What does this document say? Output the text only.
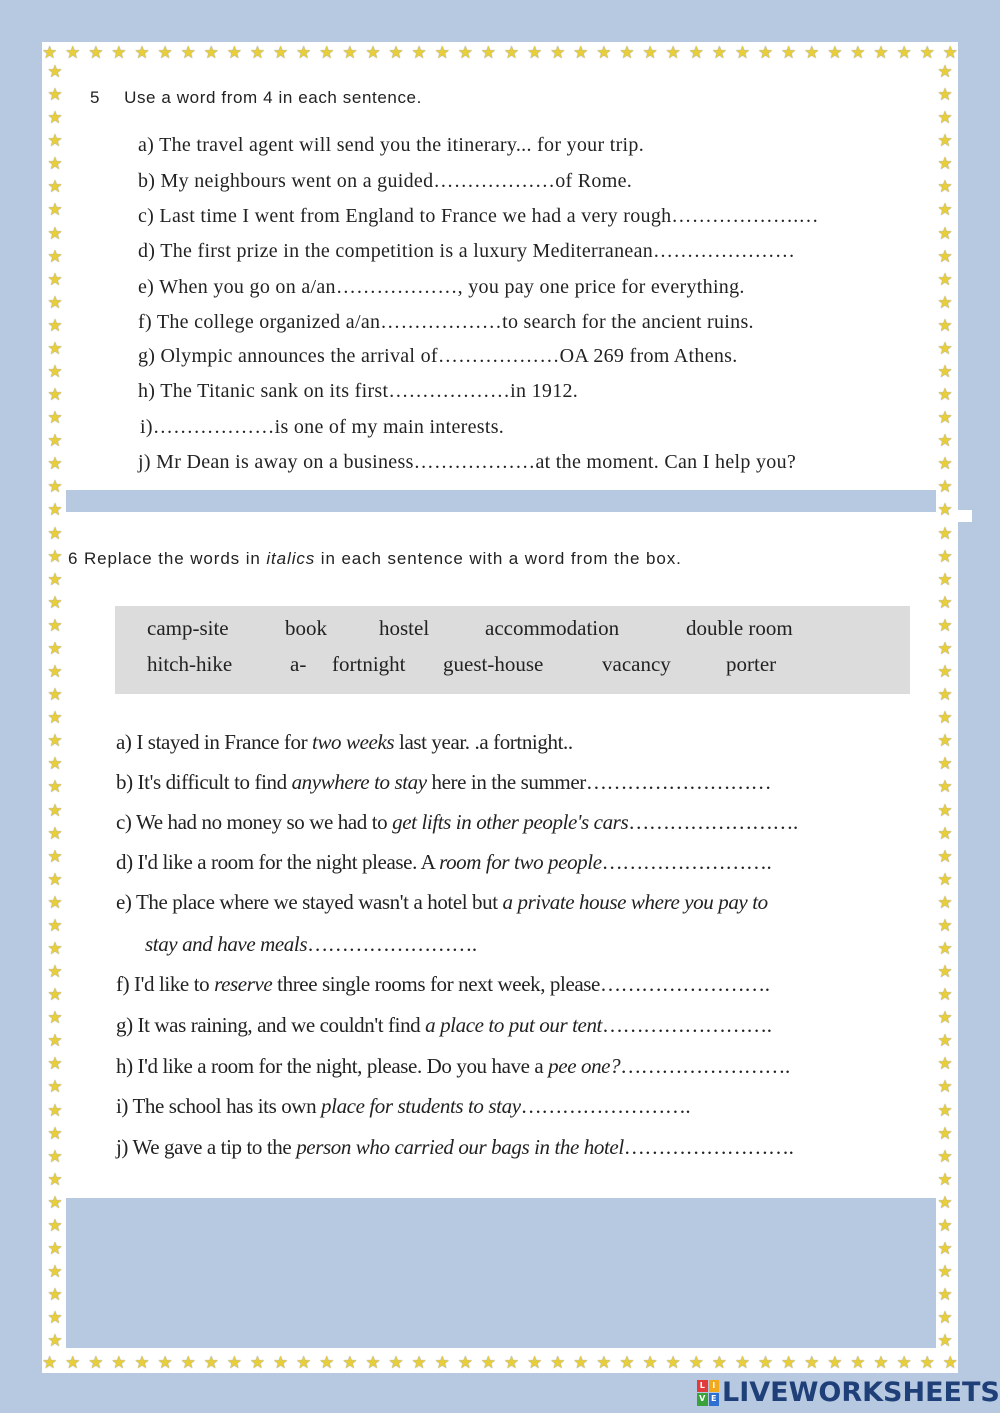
★ ★ ★ ★ ★ ★ ★ ★ ★ ★ ★ ★ ★ ★ ★ ★ ★ ★ ★ ★ ★ ★ ★ ★ ★ ★ ★ ★ ★ ★ ★ ★ ★ ★ ★ ★ ★ ★ ★ ★
★ ★ ★ ★ ★ ★ ★ ★ ★ ★ ★ ★ ★ ★ ★ ★ ★ ★ ★ ★ ★ ★ ★ ★ ★ ★ ★ ★ ★ ★ ★ ★ ★ ★ ★ ★ ★ ★ ★ ★
★
★
★
★
★
★
★
★
★
★
★
★
★
★
★
★
★
★
★
★
★
★
★
★
★
★
★
★
★
★
★
★
★
★
★
★
★
★
★
★
★
★
★
★
★
★
★
★
★
★
★
★
★
★
★
★
★
★
★
★
★
★
★
★
★
★
★
★
★
★
★
★
★
★
★
★
★
★
★
★
★
★
★
★
★
★
★
★
★
★
★
★
★
★
★
★
★
★
★
★
★
★
★
★
★
★
★
★
★
★
★
★
5 Use a word from 4 in each sentence.
a) The travel agent will send you the itinerary... for your trip.
b) My neighbours went on a guided………………of Rome.
c) Last time I went from England to France we had a very rough……………….…
d) The first prize in the competition is a luxury Mediterranean…………………
e) When you go on a/an………………, you pay one price for everything.
f) The college organized a/an………………to search for the ancient ruins.
g) Olympic announces the arrival of………………OA 269 from Athens.
h) The Titanic sank on its first………………in 1912.
i)………………is one of my main interests.
j) Mr Dean is away on a business………………at the moment. Can I help you?
6 Replace the words in italics in each sentence with a word from the box.
camp-site	book hostel	accommodation	double room
hitch-hike	a- fortnight guest-house	vacancy	porter
a) I stayed in France for two weeks last year. .a fortnight..
b) It's difficult to find anywhere to stay here in the summer………………………
c) We had no money so we had to get lifts in other people's cars…………………….
d) I'd like a room for the night please. A room for two people…………………….
e) The place where we stayed wasn't a hotel but a private house where you pay to
stay and have meals…………………….
f) I'd like to reserve three single rooms for next week, please…………………….
g) It was raining, and we couldn't find a place to put our tent…………………….
h) I'd like a room for the night, please. Do you have a pee one?…………………….
i) The school has its own place for students to stay…………………….
j) We gave a tip to the person who carried our bags in the hotel…………………….
L I
V E LIVEWORKSHEETS
